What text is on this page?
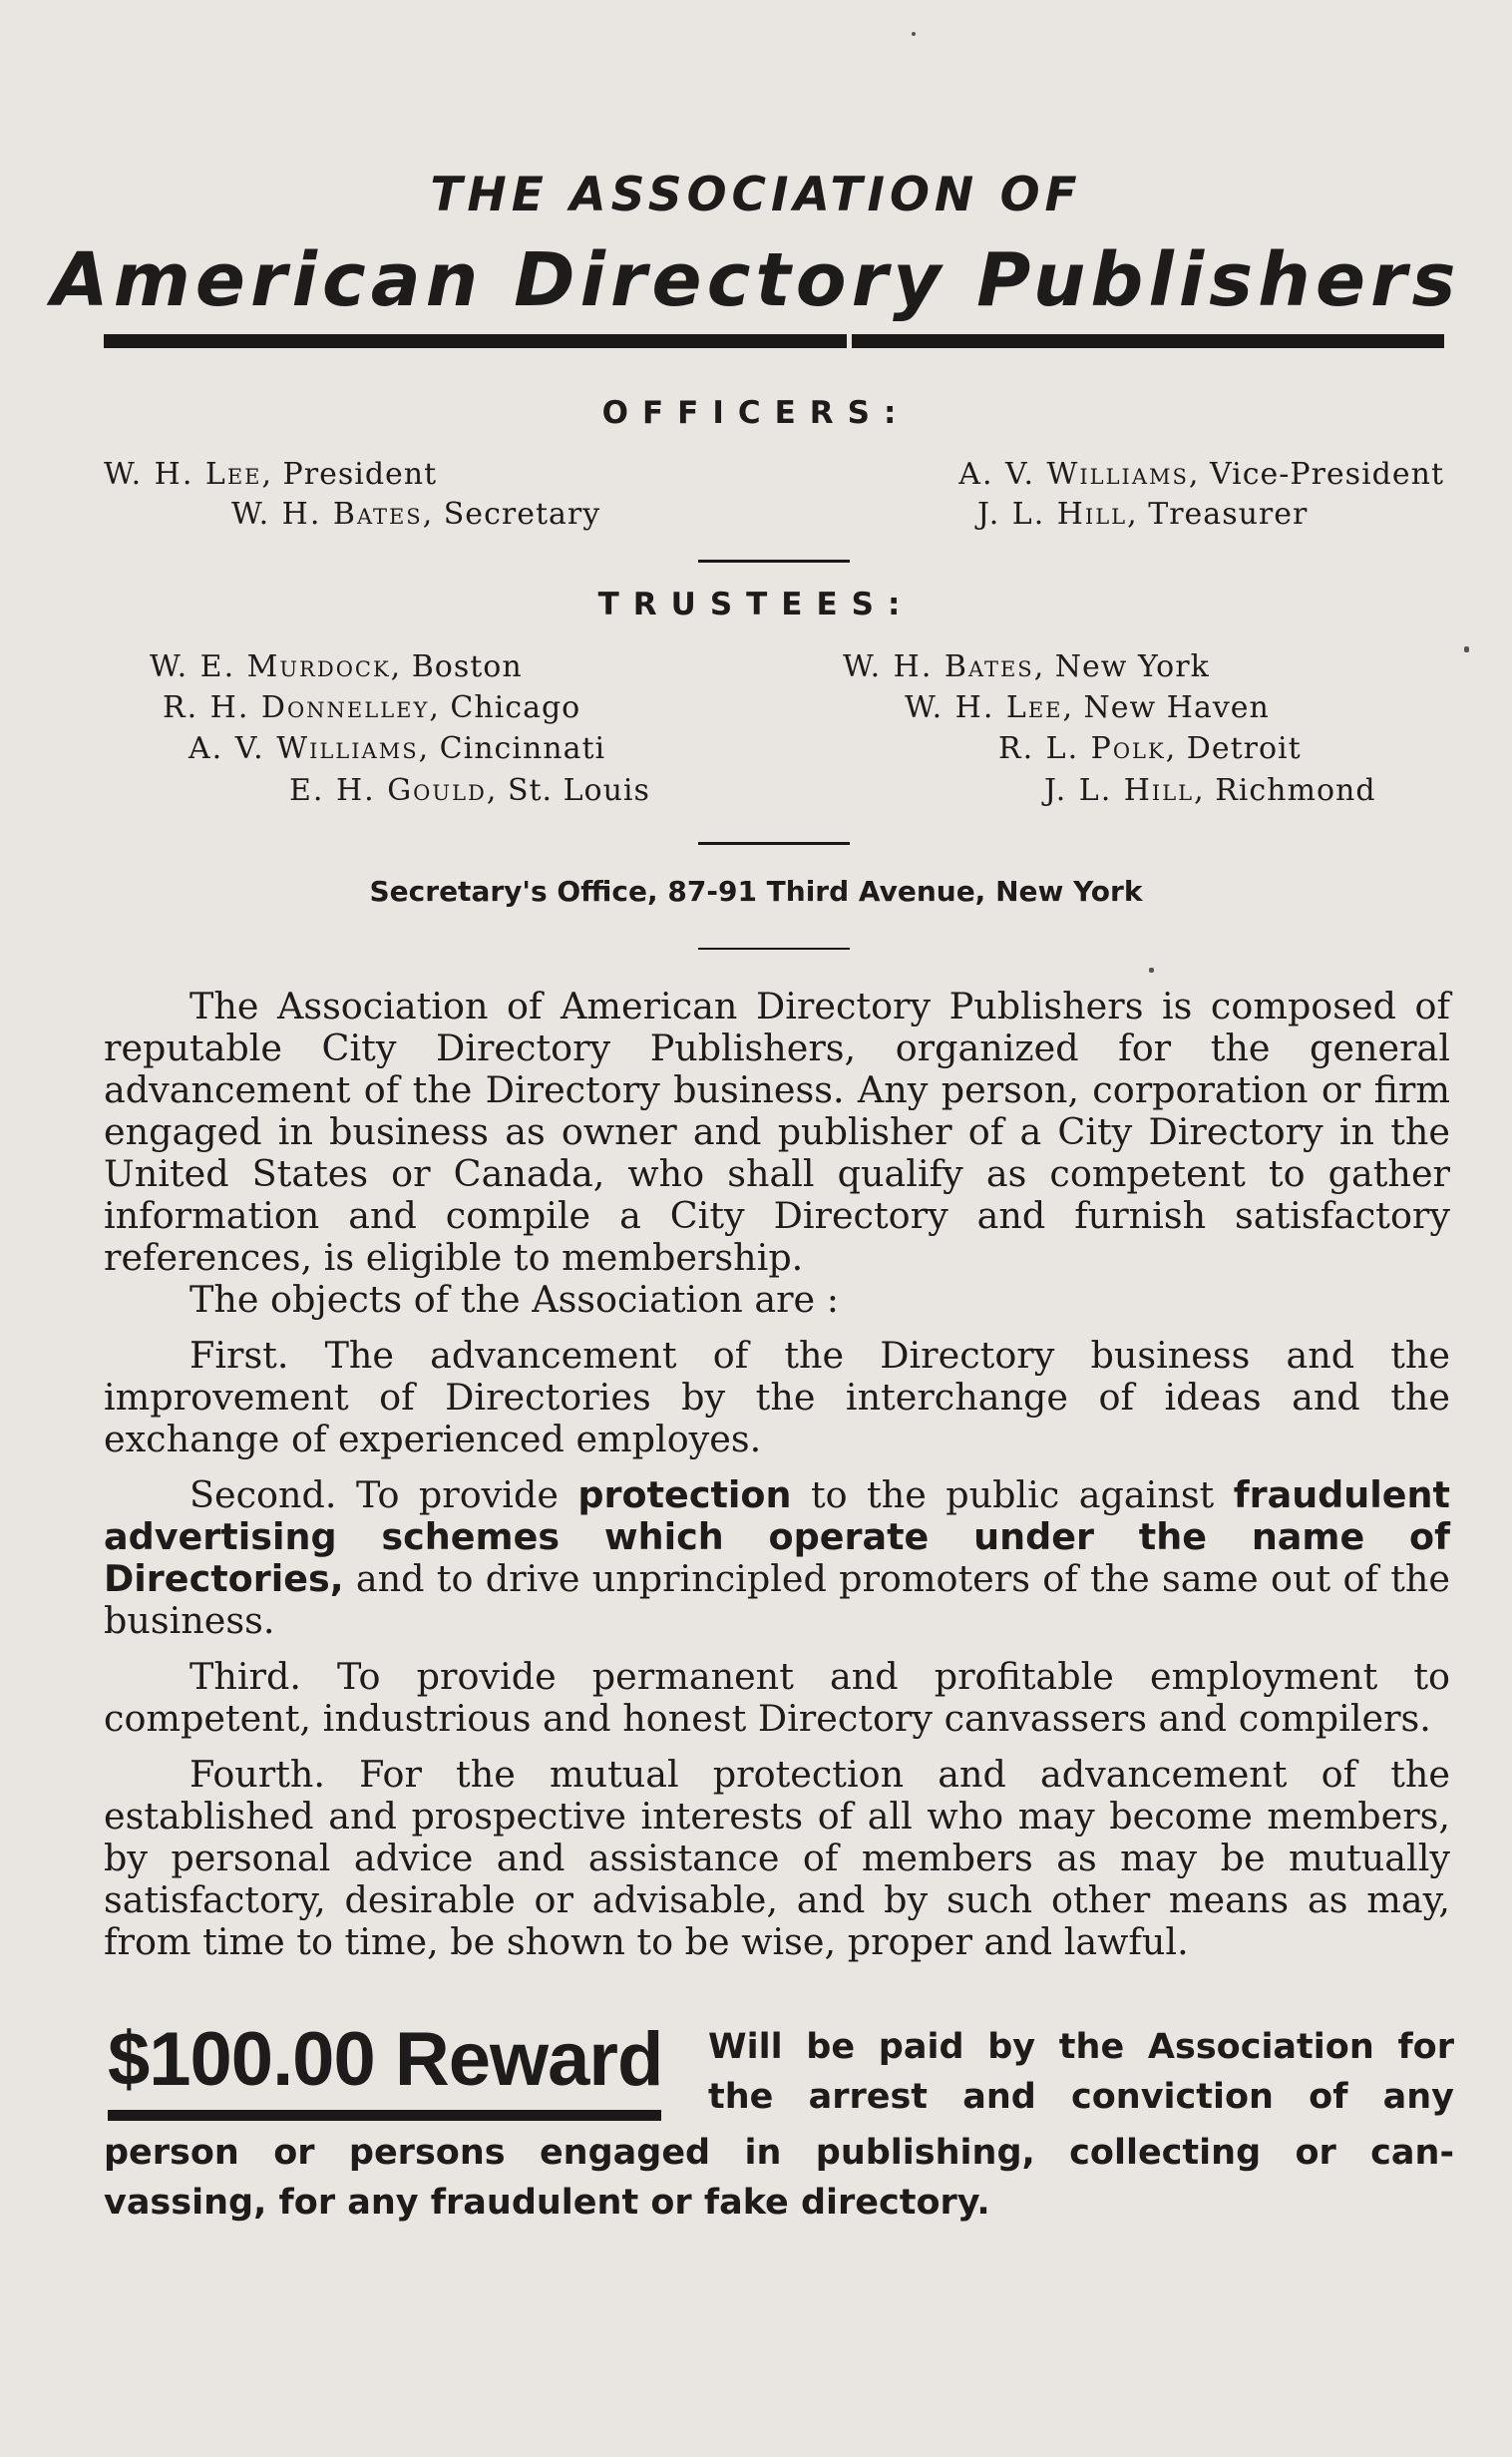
THE ASSOCIATION OF
American Directory Publishers
OFFICERS:
W. H. Lee, President
W. H. Bates, Secretary
A. V. Williams, Vice-President
J. L. Hill, Treasurer
TRUSTEES:
W. E. Murdock, Boston
R. H. Donnelley, Chicago
A. V. Williams, Cincinnati
E. H. Gould, St. Louis
W. H. Bates, New York
W. H. Lee, New Haven
R. L. Polk, Detroit
J. L. Hill, Richmond
Secretary's Office, 87-91 Third Avenue, New York

The Association of American Directory Publishers is composed of reputable City Directory Publishers, organized for the general advancement of the Directory business. Any person, corporation or firm engaged in business as owner and publisher of a City Directory in the United States or Canada, who shall qualify as competent to gather information and compile a City Directory and furnish satisfactory references, is eligible to membership.

The objects of the Association are :

First. The advancement of the Directory business and the improvement of Directories by the interchange of ideas and the exchange of experienced employes.

Second. To provide protection to the public against fraudulent advertising schemes which operate under the name of Directories, and to drive unprincipled promoters of the same out of the business.

Third. To provide permanent and profitable employment to competent, industrious and honest Directory canvassers and compilers.

Fourth. For the mutual protection and advancement of the established and prospective interests of all who may become members, by personal advice and assistance of members as may be mutually satisfactory, desirable or advisable, and by such other means as may, from time to time, be shown to be wise, proper and lawful.

$100.00 Reward Will be paid by the Association for
the arrest and conviction of any
person or persons engaged in publishing, collecting or can-
vassing, for any fraudulent or fake directory.
